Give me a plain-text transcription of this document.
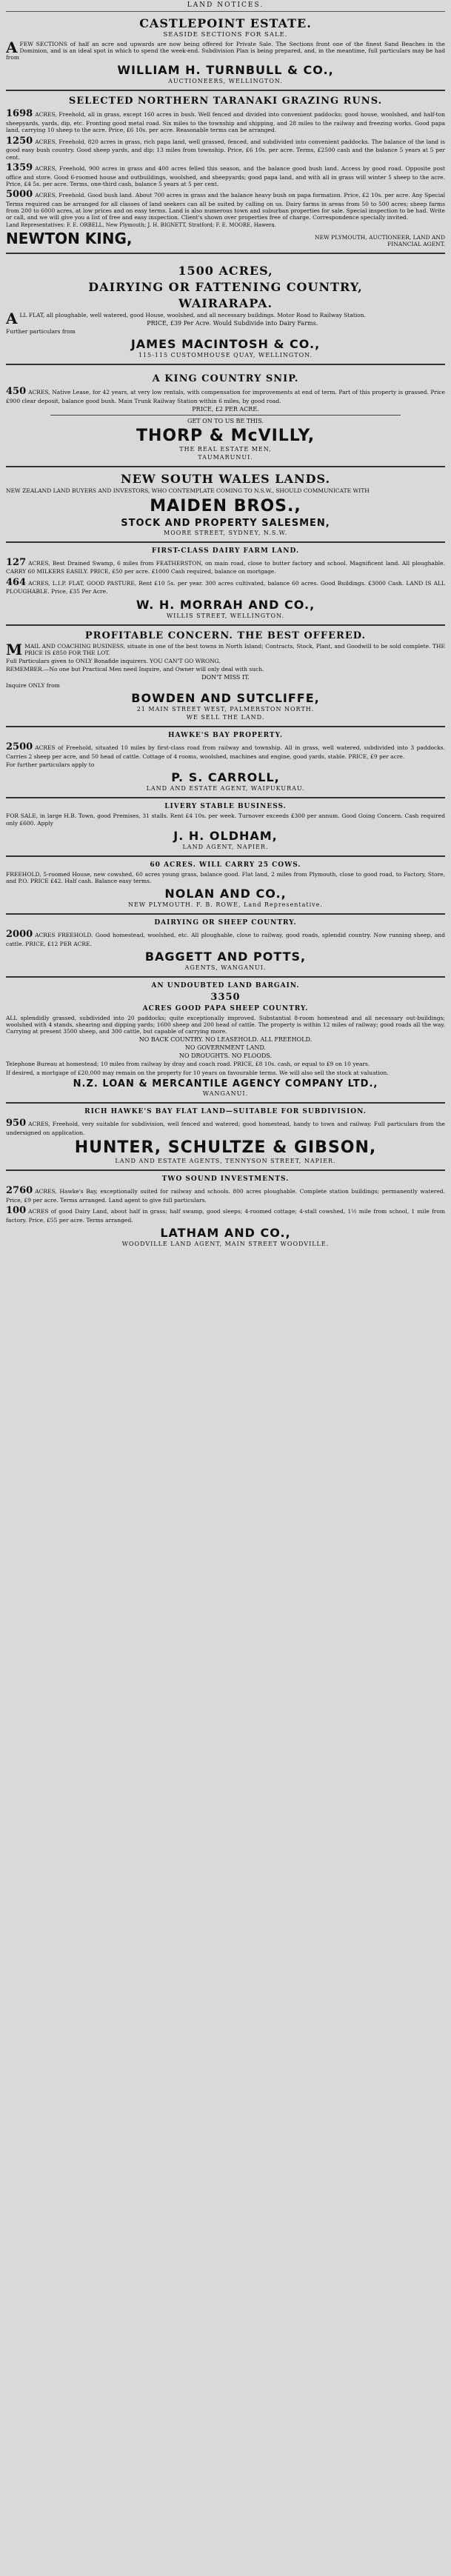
LAND NOTICES.
CASTLEPOINT ESTATE.
SEASIDE SECTIONS FOR SALE.
AFEW SECTIONS of half an acre and upwards are now being offered for Private Sale. The Sections front one of the finest Sand Beaches in the Dominion, and is an ideal spot in which to spend the week-end. Subdivision Plan is being prepared, and, in the meantime, full particulars may be had from
WILLIAM H. TURNBULL & CO.,
AUCTIONEERS, WELLINGTON.
SELECTED NORTHERN TARANAKI GRAZING RUNS.
1698 ACRES, Freehold, all in grass, except 160 acres in bush. Well fenced and divided into convenient paddocks; good house, woolshed, and half-ton sheepyards, yards, dip, etc. Fronting good metal road. Six miles to the township and shipping, and 28 miles to the railway and freezing works. Good papa land, carrying 10 sheep to the acre. Price, £6 10s. per acre. Reasonable terms can be arranged.
1250 ACRES, Freehold, 820 acres in grass, rich papa land, well grassed, fenced, and subdivided into convenient paddocks. The balance of the land is good easy bush country. Good sheep yards, and dip; 13 miles from township. Price, £6 10s. per acre. Terms, £2500 cash and the balance 5 years at 5 per cent.
1359 ACRES, Freehold, 900 acres in grass and 400 acres felled this season, and the balance good bush land. Access by good road. Opposite post office and store. Good 6-roomed house and outbuildings, woolshed, and sheepyards; good papa land, and with all in grass will winter 5 sheep to the acre. Price, £4 5s. per acre. Terms, one-third cash, balance 5 years at 5 per cent.
5000 ACRES, Freehold. Good bush land. About 700 acres in grass and the balance heavy bush on papa formation. Price, £2 10s. per acre. Any Special Terms required can be arranged for all classes of land seekers can all be suited by calling on us. Dairy farms in areas from 50 to 500 acres; sheep farms from 200 to 6000 acres, at low prices and on easy terms. Land is also numerous town and suburban properties for sale. Special inspection to be had. Write or call, and we will give you a list of free and easy inspection. Client's shown over properties free of charge. Correspondence specially invited.
Land Representatives: F. E. ORBELL, New Plymouth; J. H. BIGNETT, Stratford; F. E. MOORE, Hawera.
NEWTON KING,	NEW PLYMOUTH, AUCTIONEER, LAND AND FINANCIAL AGENT.
1500 ACRES,
DAIRYING OR FATTENING COUNTRY,
WAIRARAPA.
ALL FLAT, all ploughable, well watered, good House, woolshed, and all necessary buildings. Motor Road to Railway Station.
PRICE, £39 Per Acre. Would Subdivide into Dairy Farms.
Further particulars from
JAMES MACINTOSH & CO.,
115-115 CUSTOMHOUSE QUAY, WELLINGTON.
A KING COUNTRY SNIP.
450 ACRES, Native Lease, for 42 years, at very low rentals, with compensation for improvements at end of term. Part of this property is grassed. Price £900 clear deposit, balance good bush. Main Trunk Railway Station within 6 miles, by good road.
PRICE, £2 PER ACRE.
GET ON TO US BE THIS.
THORP & McVILLY,
THE REAL ESTATE MEN,
TAUMARUNUI.
NEW SOUTH WALES LANDS.
NEW ZEALAND LAND BUYERS AND INVESTORS, WHO CONTEMPLATE COMING TO N.S.W., SHOULD COMMUNICATE WITH
MAIDEN BROS.,
STOCK AND PROPERTY SALESMEN,
MOORE STREET, SYDNEY, N.S.W.
FIRST-CLASS DAIRY FARM LAND.
127 ACRES, Best Drained Swamp, 6 miles from FEATHERSTON, on main road, close to butter factory and school. Magnificent land. All ploughable. CARRY 60 MILKERS EASILY. PRICE, £50 per acre. £1000 Cash required, balance on mortgage.
464 ACRES, L.I.P. FLAT, GOOD PASTURE, Rent £10 5s. per year. 300 acres cultivated, balance 60 acres. Good Buildings. £3000 Cash. LAND IS ALL PLOUGHABLE. Price, £35 Per Acre.
W. H. MORRAH AND CO.,
WILLIS STREET, WELLINGTON.
PROFITABLE CONCERN. THE BEST OFFERED.
MMAIL AND COACHING BUSINESS, situate in one of the best towns in North Island; Contracts, Stock, Plant, and Goodwill to be sold complete. THE PRICE IS £850 FOR THE LOT.
Full Particulars given to ONLY Bonafide inquirers. YOU CAN'T GO WRONG.
REMEMBER.—No one but Practical Men need Inquire, and Owner will only deal with such.
DON'T MISS IT.
Inquire ONLY from
BOWDEN AND SUTCLIFFE,
21 MAIN STREET WEST, PALMERSTON NORTH.
WE SELL THE LAND.
HAWKE'S BAY PROPERTY.
2500 ACRES of Freehold, situated 10 miles by first-class road from railway and township. All in grass, well watered, subdivided into 3 paddocks. Carries 2 sheep per acre, and 50 head of cattle. Cottage of 4 rooms, woolshed, machines and engine, good yards, stable. PRICE, £9 per acre.
For further particulars apply to
P. S. CARROLL,
LAND AND ESTATE AGENT, WAIPUKURAU.
LIVERY STABLE BUSINESS.
FOR SALE, in large H.B. Town, good Premises, 31 stalls. Rent £4 10s. per week. Turnover exceeds £300 per annum. Good Going Concern. Cash required only £600. Apply
J. H. OLDHAM,
LAND AGENT, NAPIER.
60 ACRES. WILL CARRY 25 COWS.
FREEHOLD, 5-roomed House, new cowshed, 60 acres young grass, balance good. Flat land, 2 miles from Plymouth, close to good road, to Factory, Store, and P.O. PRICE £42. Half cash. Balance easy terms.
NOLAN AND CO.,
NEW PLYMOUTH. F. B. ROWE, Land Representative.
DAIRYING OR SHEEP COUNTRY.
2000 ACRES FREEHOLD. Good homestead, woolshed, etc. All ploughable, close to railway, good roads, splendid country. Now running sheep, and cattle. PRICE, £12 PER ACRE.
BAGGETT AND POTTS,
AGENTS, WANGANUI.
AN UNDOUBTED LAND BARGAIN.
3350
ACRES GOOD PAPA SHEEP COUNTRY.
ALL splendidly grassed, subdivided into 20 paddocks; quite exceptionally improved. Substantial 8-room homestead and all necessary out-buildings; woolshed with 4 stands, shearing and dipping yards; 1600 sheep and 200 head of cattle. The property is within 12 miles of railway; good roads all the way. Carrying at present 3500 sheep, and 300 cattle, but capable of carrying more.
NO BACK COUNTRY. NO LEASEHOLD. ALL FREEHOLD.
NO GOVERNMENT LAND.
NO DROUGHTS. NO FLOODS.
Telephone Bureau at homestead; 10 miles from railway by dray and coach road. PRICE, £8 10s. cash, or equal to £9 on 10 years.
If desired, a mortgage of £20,000 may remain on the property for 10 years on favourable terms. We will also sell the stock at valuation.
N.Z. LOAN & MERCANTILE AGENCY COMPANY LTD.,
WANGANUI.
RICH HAWKE'S BAY FLAT LAND—SUITABLE FOR SUBDIVISION.
950 ACRES, Freehold, very suitable for subdivision, well fenced and watered; good homestead, handy to town and railway. Full particulars from the undersigned on application.
HUNTER, SCHULTZE & GIBSON,
LAND AND ESTATE AGENTS, TENNYSON STREET, NAPIER.
TWO SOUND INVESTMENTS.
2760 ACRES, Hawke's Bay, exceptionally suited for railway and schools. 800 acres ploughable. Complete station buildings; permanently watered. Price, £9 per acre. Terms arranged. Land agent to give full particulars.
100 ACRES of good Dairy Land, about half in grass; half swamp, good sleeps; 4-roomed cottage; 4-stall cowshed, 1½ mile from school, 1 mile from factory. Price, £55 per acre. Terms arranged.
LATHAM AND CO.,
WOODVILLE LAND AGENT, MAIN STREET WOODVILLE.
